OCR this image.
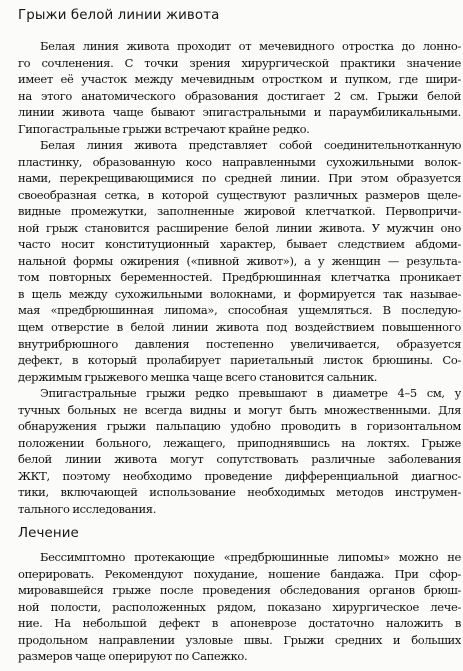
Грыжи белой линии живота
Белая линия живота проходит от мечевидного отростка до лонно-
го сочленения. С точки зрения хирургической практики значение
имеет её участок между мечевидным отростком и пупком, где шири-
на этого анатомического образования достигает 2 см. Грыжи белой
линии живота чаще бывают эпигастральными и параумбиликальными.
Гипогастральные грыжи встречают крайне редко.
Белая линия живота представляет собой соединительнотканную
пластинку, образованную косо направленными сухожильными волок-
нами, перекрещивающимися по средней линии. При этом образуется
своеобразная сетка, в которой существуют различных размеров щеле-
видные промежутки, заполненные жировой клетчаткой. Первопричи-
ной грыж становится расширение белой линии живота. У мужчин оно
часто носит конституционный характер, бывает следствием абдоми-
нальной формы ожирения («пивной живот»), а у женщин — результа-
том повторных беременностей. Предбрюшинная клетчатка проникает
в щель между сухожильными волокнами, и формируется так называе-
мая «предбрюшинная липома», способная ущемляться. В последую-
щем отверстие в белой линии живота под воздействием повышенного
внутрибрюшного давления постепенно увеличивается, образуется
дефект, в который пролабирует париетальный листок брюшины. Со-
держимым грыжевого мешка чаще всего становится сальник.
Эпигастральные грыжи редко превышают в диаметре 4–5 см, у
тучных больных не всегда видны и могут быть множественными. Для
обнаружения грыжи пальпацию удобно проводить в горизонтальном
положении больного, лежащего, приподнявшись на локтях. Грыже
белой линии живота могут сопутствовать различные заболевания
ЖКТ, поэтому необходимо проведение дифференциальной диагнос-
тики, включающей использование необходимых методов инструмен-
тального исследования.
Лечение
Бессимптомно протекающие «предбрюшинные липомы» можно не
оперировать. Рекомендуют похудание, ношение бандажа. При сфор-
мировавшейся грыже после проведения обследования органов брюш-
ной полости, расположенных рядом, показано хирургическое лече-
ние. На небольшой дефект в апоневрозе достаточно наложить в
продольном направлении узловые швы. Грыжи средних и больших
размеров чаще оперируют по Сапежко.
